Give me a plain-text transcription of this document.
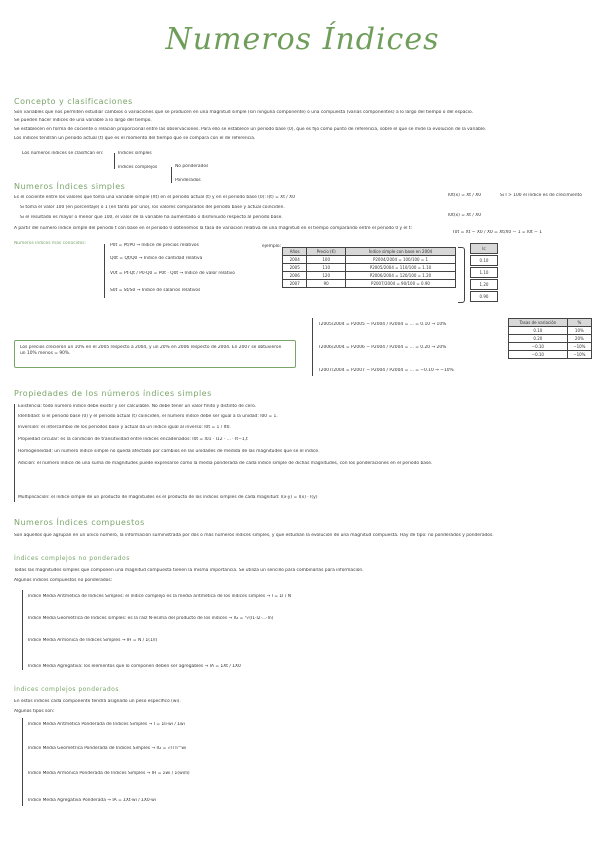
Numeros Índices
Concepto y clasificaciones
Son variables que nos permiten estudiar cambios o variaciones que se producen en una magnitud simple (sin ninguna componente) o una compuesta (varias componentes) a lo largo del tiempo o del espacio.
Se pueden hacer índices de una variable a lo largo del tiempo.
Se establecen en forma de cociente o relación proporcional entre las observaciones. Para ello se establece un periodo base (0), que es fijo como punto de referencia, sobre el que se mide la evolución de la variable.
Los índices tendrán un periodo actual (t) que es el momento del tiempo que se compara con el de referencia.
Los números índices se clasifican en:	Índices simples
Índices complejos	No ponderados
Ponderados
Numeros Índices simples
Es el cociente entre los valores que toma una variable simple (Xt) en el periodo actual (t) y en el periodo base (0): I(t) = Xt / X0
Si toma el valor 100 (en porcentaje) o 1 (en tanto por uno), los valores comparados del periodo base y actual coinciden.
Si el resultado es mayor o menor que 100, el valor de la variable ha aumentado o disminuido respecto al periodo base.
A partir del número índice simple del periodo t con base en el periodo 0 obtenemos la tasa de variación relativa de una magnitud en el tiempo comparando entre el periodo 0 y el t:
I0t(x) = Xt / X0	Si I > 100 el índice es de crecimiento
I0t(x) = Xt / X0
T0t = Xt − X0 / X0 = Xt/X0 − 1 = I0t − 1
Números índices más conocidos:	P0t = Pt/P0 → Índice de precios relativos
Q0t = Qt/Q0 → Índice de cantidad relativa
V0t = Pt·Qt / P0·Q0 = P0t · Q0t → Índice de valor relativo
S0t = St/S0 → Índice de salarios relativos
ejemplo:
Años	Precio (€)	Índice simple con base en 2004
2004	100	P2004/2004 = 100/100 = 1
2005	110	P2005/2004 = 110/100 = 1.10
2006	120	P2006/2004 = 120/100 = 1.20
2007	90	P2007/2004 = 90/100 = 0.90
Ic
0.10
1.10
1.20
0.90
Los precios crecieron un 10% en el 2005 respecto a 2004, y un 20% en 2006 respecto de 2004. En 2007 se obtuvieron un 10% menos = 90%.
T2005/2004 = P2005 − P2004 / P2004 = ... = 0.10 → 10%
T2006/2004 = P2006 − P2004 / P2004 = ... = 0.20 → 20%
T2007/2004 = P2007 − P2004 / P2004 = ... = −0.10 → −10%
Tasas de variación	%
0.10	10%
0.20	20%
−0.10	−10%
−0.10	−10%
Propiedades de los números índices simples
Existencia: todo número índice debe existir y ser calculable. No debe tener un valor finito y distinto de cero.
Identidad: si el periodo base (0) y el periodo actual (t) coinciden, el número índice debe ser igual a la unidad: I00 = 1.
Inversión: el intercambio de los periodos base y actual da un índice igual al inverso: I0t = 1 / It0.
Propiedad circular: es la condición de transitividad entre índices encadenados: I0t = I01 · I12 · ... · It−1,t
Homogeneidad: un número índice simple no queda afectado por cambios en las unidades de medida de las magnitudes que se el índice.
Adición: el número índice de una suma de magnitudes puede expresarse como la media ponderada de cada índice simple de dichas magnitudes, con los ponderaciones en el periodo base.
Multiplicación: el índice simple de un producto de magnitudes es el producto de los índices simples de cada magnitud: I(x·y) = I(x) · I(y)
Numeros Índices compuestos
Son aquellos que agrupan en un único número, la información suministrada por dos o más números índices simples, y que estudian la evolución de una magnitud compuesta. Hay de tipo: no ponderados y ponderados.
Índices complejos no ponderados
Todas las magnitudes simples que componen una magnitud compuesta tienen la misma importancia. Se utiliza un sencillo para combinarlas para información.
Algunos índices compuestos no ponderados:
Índice Media Aritmética de Índices Simples: el índice complejo es la media aritmética de los índices simples → Ī = ΣI / N
Índice Media Geométrica de Índices simples: es la raíz N-ésima del producto de los índices → IG = ⁿ√(I1·I2·...·In)
Índice Media Armónica de Índices Simples → IH = N / Σ(1/I)
Índice Media Agregativa: los elementos que lo componen deben ser agregables → IA = ΣXt / ΣX0
Índices complejos ponderados
En estos índices cada componente tendrá asignado un peso específico (wi).
Algunos tipos son:
Índice Media Aritmética Ponderada de Índices Simples → Ī = ΣIi·wi / Σwi
Índice Media Geométrica Ponderada de Índices Simples → IG = √Π Ii^wi
Índice Media Armónica Ponderada de Índices Simples → IH = Σwi / Σ(wi/Ii)
Índice Media Agregativa Ponderada → IA = ΣXt·wi / ΣX0·wi
